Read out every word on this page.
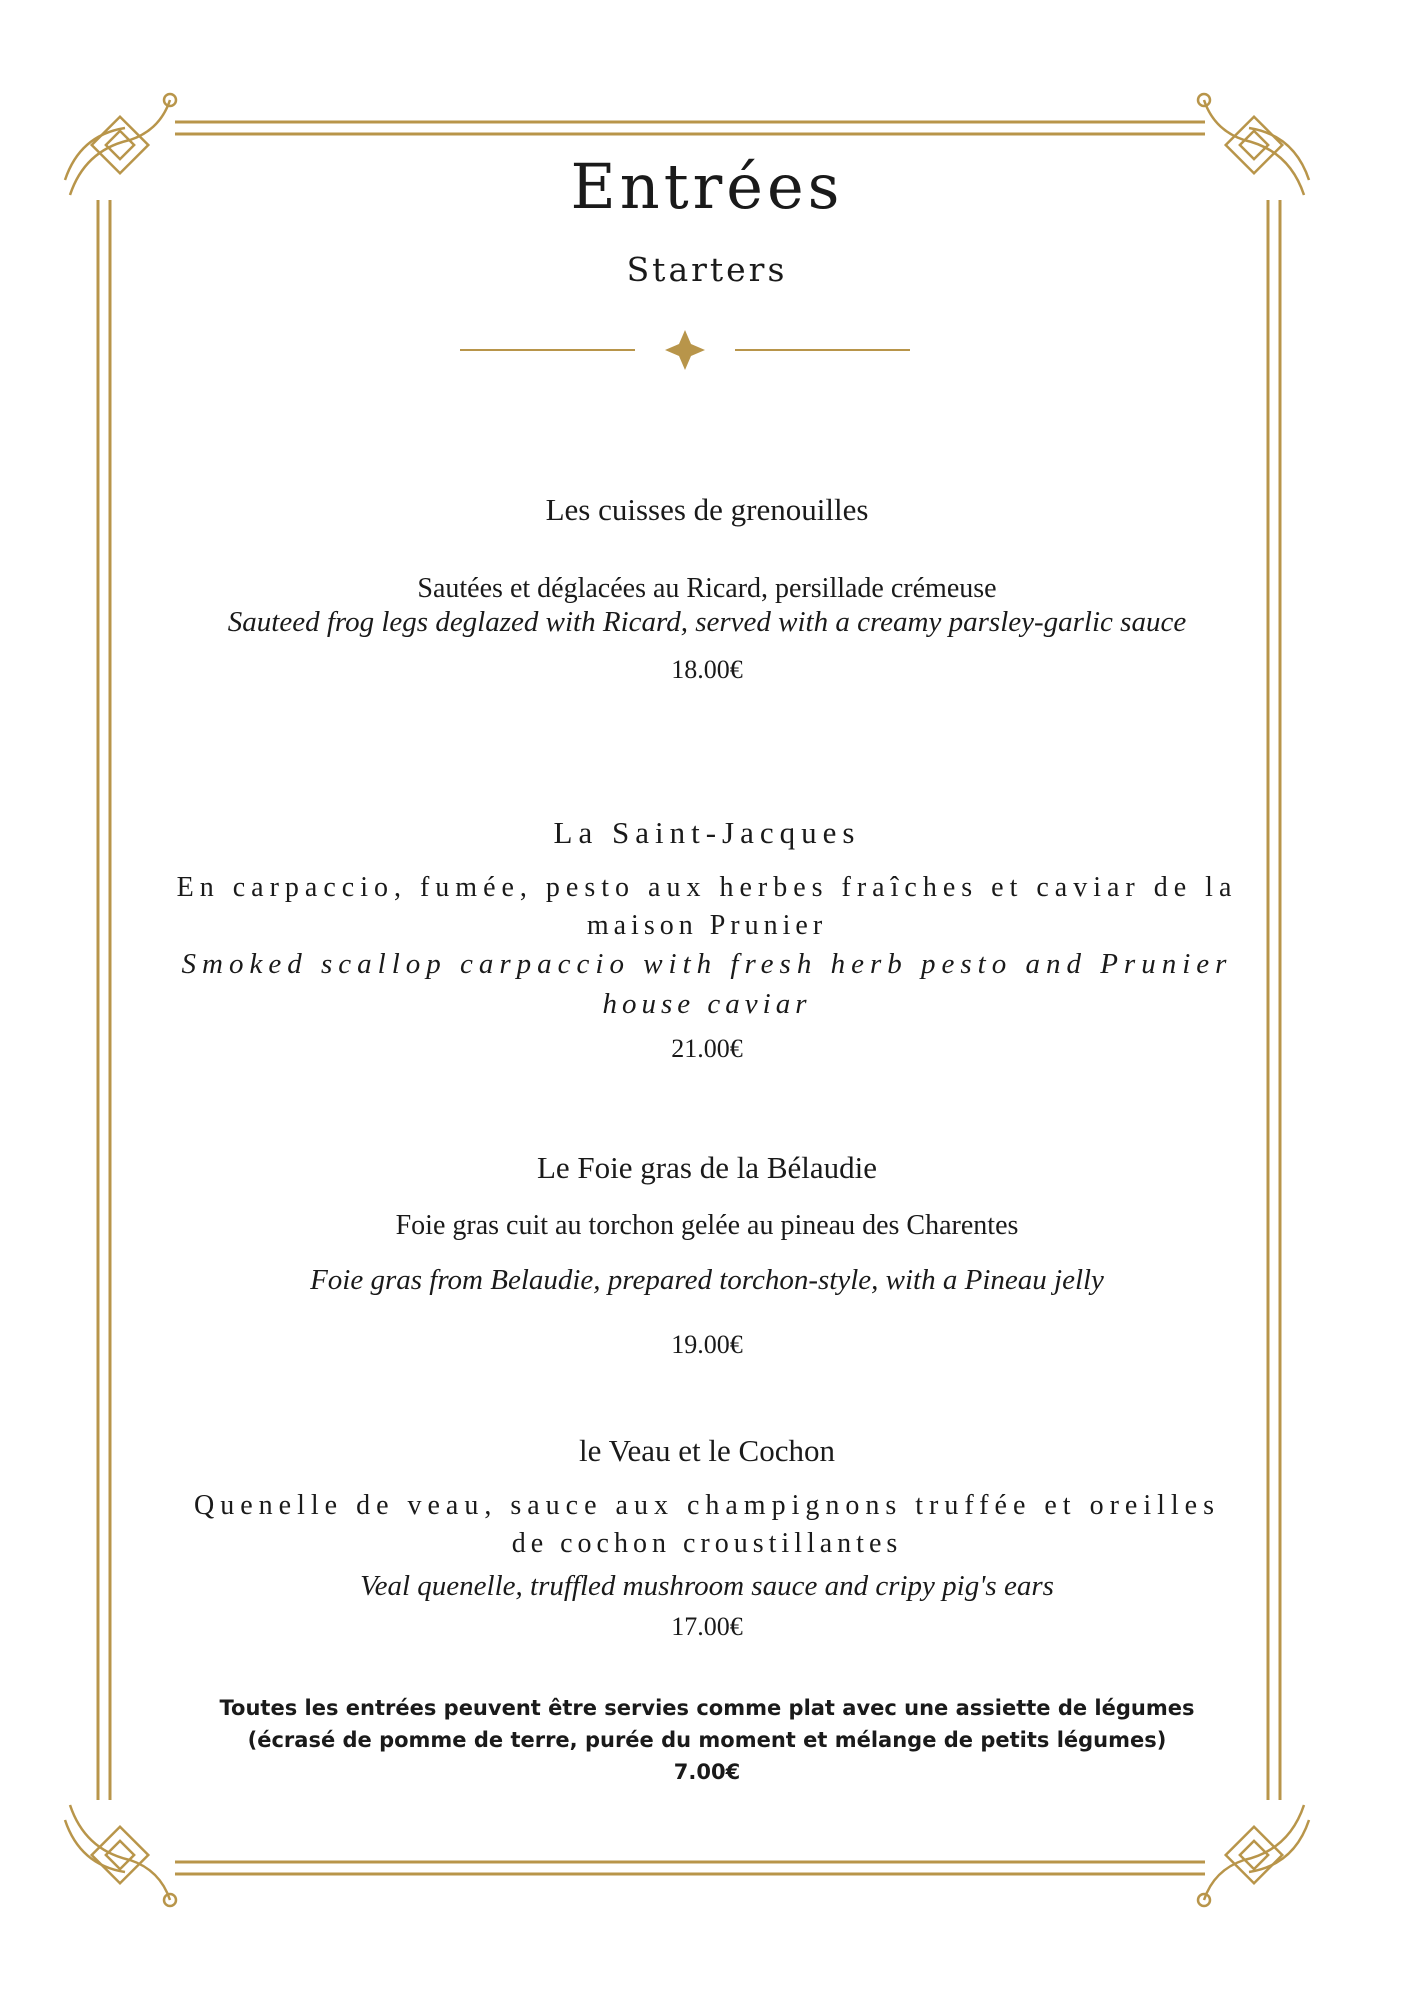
Entrées
Starters
Les cuisses de grenouilles
Sautées et déglacées au Ricard, persillade crémeuse
Sauteed frog legs deglazed with Ricard, served with a creamy parsley-garlic sauce
18.00€
La Saint-Jacques
En carpaccio, fumée, pesto aux herbes fraîches et caviar de la
maison Prunier
Smoked scallop carpaccio with fresh herb pesto and Prunier
house caviar
21.00€
Le Foie gras de la Bélaudie
Foie gras cuit au torchon gelée au pineau des Charentes
Foie gras from Belaudie, prepared torchon-style, with a Pineau jelly
19.00€
le Veau et le Cochon
Quenelle de veau, sauce aux champignons truffée et oreilles
de cochon croustillantes
Veal quenelle, truffled mushroom sauce and cripy pig's ears
17.00€
Toutes les entrées peuvent être servies comme plat avec une assiette de légumes
(écrasé de pomme de terre, purée du moment et mélange de petits légumes)
7.00€
